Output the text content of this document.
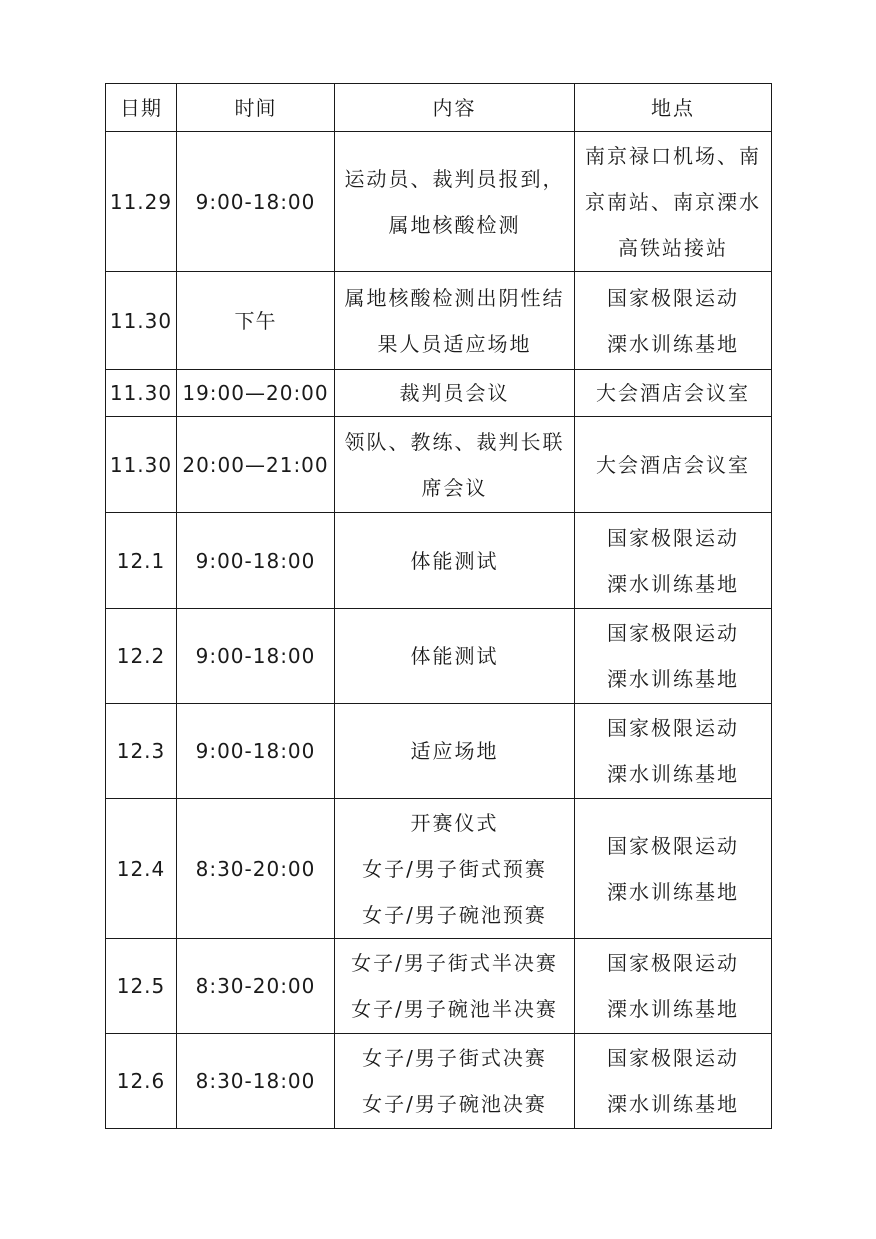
日期	时间	内容	地点
11.29	9:00-18:00	运动员、裁判员报到，
属地核酸检测	南京禄口机场、南
京南站、南京溧水
高铁站接站

11.30	下午	属地核酸检测出阴性结
果人员适应场地	国家极限运动
溧水训练基地

11.30	19:00—20:00	裁判员会议	大会酒店会议室

11.30	20:00—21:00	领队、教练、裁判长联
席会议	大会酒店会议室

12.1	9:00-18:00	体能测试	国家极限运动
溧水训练基地

12.2	9:00-18:00	体能测试	国家极限运动
溧水训练基地

12.3	9:00-18:00	适应场地	国家极限运动
溧水训练基地

12.4	8:30-20:00	开赛仪式
女子/男子街式预赛
女子/男子碗池预赛	国家极限运动
溧水训练基地

12.5	8:30-20:00	女子/男子街式半决赛
女子/男子碗池半决赛	国家极限运动
溧水训练基地

12.6	8:30-18:00	女子/男子街式决赛
女子/男子碗池决赛	国家极限运动
溧水训练基地
